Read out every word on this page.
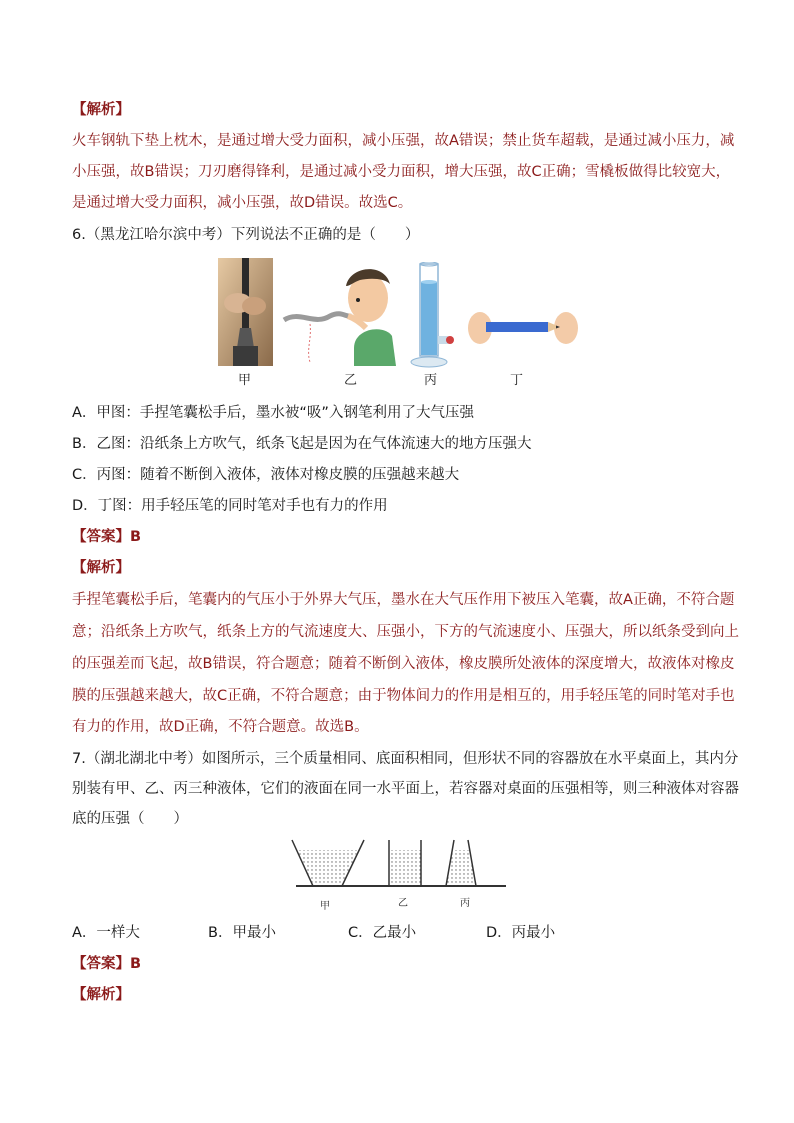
【解析】
火车钢轨下垫上枕木，是通过增大受力面积，减小压强，故A错误；禁止货车超载，是通过减小压力，减
小压强，故B错误；刀刃磨得锋利，是通过减小受力面积，增大压强，故C正确；雪橇板做得比较宽大，
是通过增大受力面积，减小压强，故D错误。故选C。
6.（黑龙江哈尔滨中考）下列说法不正确的是（　　）
甲	乙	丙	丁
A．甲图：手捏笔囊松手后，墨水被“吸”入钢笔利用了大气压强
B．乙图：沿纸条上方吹气，纸条飞起是因为在气体流速大的地方压强大
C．丙图：随着不断倒入液体，液体对橡皮膜的压强越来越大
D．丁图：用手轻压笔的同时笔对手也有力的作用
【答案】B
【解析】
手捏笔囊松手后，笔囊内的气压小于外界大气压，墨水在大气压作用下被压入笔囊，故A正确，不符合题
意；沿纸条上方吹气，纸条上方的气流速度大、压强小，下方的气流速度小、压强大，所以纸条受到向上
的压强差而飞起，故B错误，符合题意；随着不断倒入液体，橡皮膜所处液体的深度增大，故液体对橡皮
膜的压强越来越大，故C正确，不符合题意；由于物体间力的作用是相互的，用手轻压笔的同时笔对手也
有力的作用，故D正确，不符合题意。故选B。
7.（湖北湖北中考）如图所示，三个质量相同、底面积相同，但形状不同的容器放在水平桌面上，其内分
别装有甲、乙、丙三种液体，它们的液面在同一水平面上，若容器对桌面的压强相等，则三种液体对容器
底的压强（　　）
甲	乙	丙
A．一样大	B．甲最小	C．乙最小	D．丙最小
【答案】B
【解析】
